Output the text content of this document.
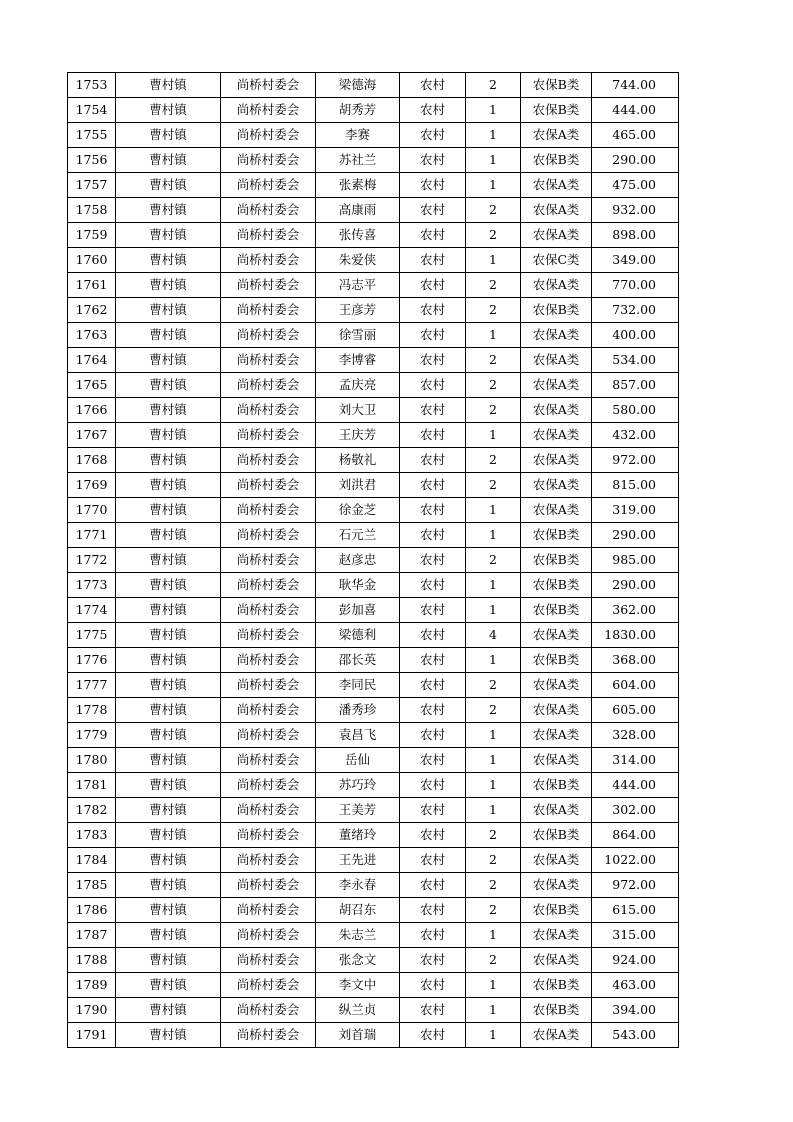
1753	曹村镇	尚桥村委会	梁德海	农村	2	农保B类	744.00
1754	曹村镇	尚桥村委会	胡秀芳	农村	1	农保B类	444.00
1755	曹村镇	尚桥村委会	李赛	农村	1	农保A类	465.00
1756	曹村镇	尚桥村委会	苏社兰	农村	1	农保B类	290.00
1757	曹村镇	尚桥村委会	张素梅	农村	1	农保A类	475.00
1758	曹村镇	尚桥村委会	高康雨	农村	2	农保A类	932.00
1759	曹村镇	尚桥村委会	张传喜	农村	2	农保A类	898.00
1760	曹村镇	尚桥村委会	朱爱侠	农村	1	农保C类	349.00
1761	曹村镇	尚桥村委会	冯志平	农村	2	农保A类	770.00
1762	曹村镇	尚桥村委会	王彦芳	农村	2	农保B类	732.00
1763	曹村镇	尚桥村委会	徐雪丽	农村	1	农保A类	400.00
1764	曹村镇	尚桥村委会	李博睿	农村	2	农保A类	534.00
1765	曹村镇	尚桥村委会	孟庆亮	农村	2	农保A类	857.00
1766	曹村镇	尚桥村委会	刘大卫	农村	2	农保A类	580.00
1767	曹村镇	尚桥村委会	王庆芳	农村	1	农保A类	432.00
1768	曹村镇	尚桥村委会	杨敬礼	农村	2	农保A类	972.00
1769	曹村镇	尚桥村委会	刘洪君	农村	2	农保A类	815.00
1770	曹村镇	尚桥村委会	徐金芝	农村	1	农保A类	319.00
1771	曹村镇	尚桥村委会	石元兰	农村	1	农保B类	290.00
1772	曹村镇	尚桥村委会	赵彦忠	农村	2	农保B类	985.00
1773	曹村镇	尚桥村委会	耿华金	农村	1	农保B类	290.00
1774	曹村镇	尚桥村委会	彭加喜	农村	1	农保B类	362.00
1775	曹村镇	尚桥村委会	梁德利	农村	4	农保A类	1830.00
1776	曹村镇	尚桥村委会	邵长英	农村	1	农保B类	368.00
1777	曹村镇	尚桥村委会	李同民	农村	2	农保A类	604.00
1778	曹村镇	尚桥村委会	潘秀珍	农村	2	农保A类	605.00
1779	曹村镇	尚桥村委会	袁昌飞	农村	1	农保A类	328.00
1780	曹村镇	尚桥村委会	岳仙	农村	1	农保A类	314.00
1781	曹村镇	尚桥村委会	苏巧玲	农村	1	农保B类	444.00
1782	曹村镇	尚桥村委会	王美芳	农村	1	农保A类	302.00
1783	曹村镇	尚桥村委会	董绪玲	农村	2	农保B类	864.00
1784	曹村镇	尚桥村委会	王先进	农村	2	农保A类	1022.00
1785	曹村镇	尚桥村委会	李永春	农村	2	农保A类	972.00
1786	曹村镇	尚桥村委会	胡召东	农村	2	农保B类	615.00
1787	曹村镇	尚桥村委会	朱志兰	农村	1	农保A类	315.00
1788	曹村镇	尚桥村委会	张念文	农村	2	农保A类	924.00
1789	曹村镇	尚桥村委会	李文中	农村	1	农保B类	463.00
1790	曹村镇	尚桥村委会	纵兰贞	农村	1	农保B类	394.00
1791	曹村镇	尚桥村委会	刘首瑞	农村	1	农保A类	543.00
